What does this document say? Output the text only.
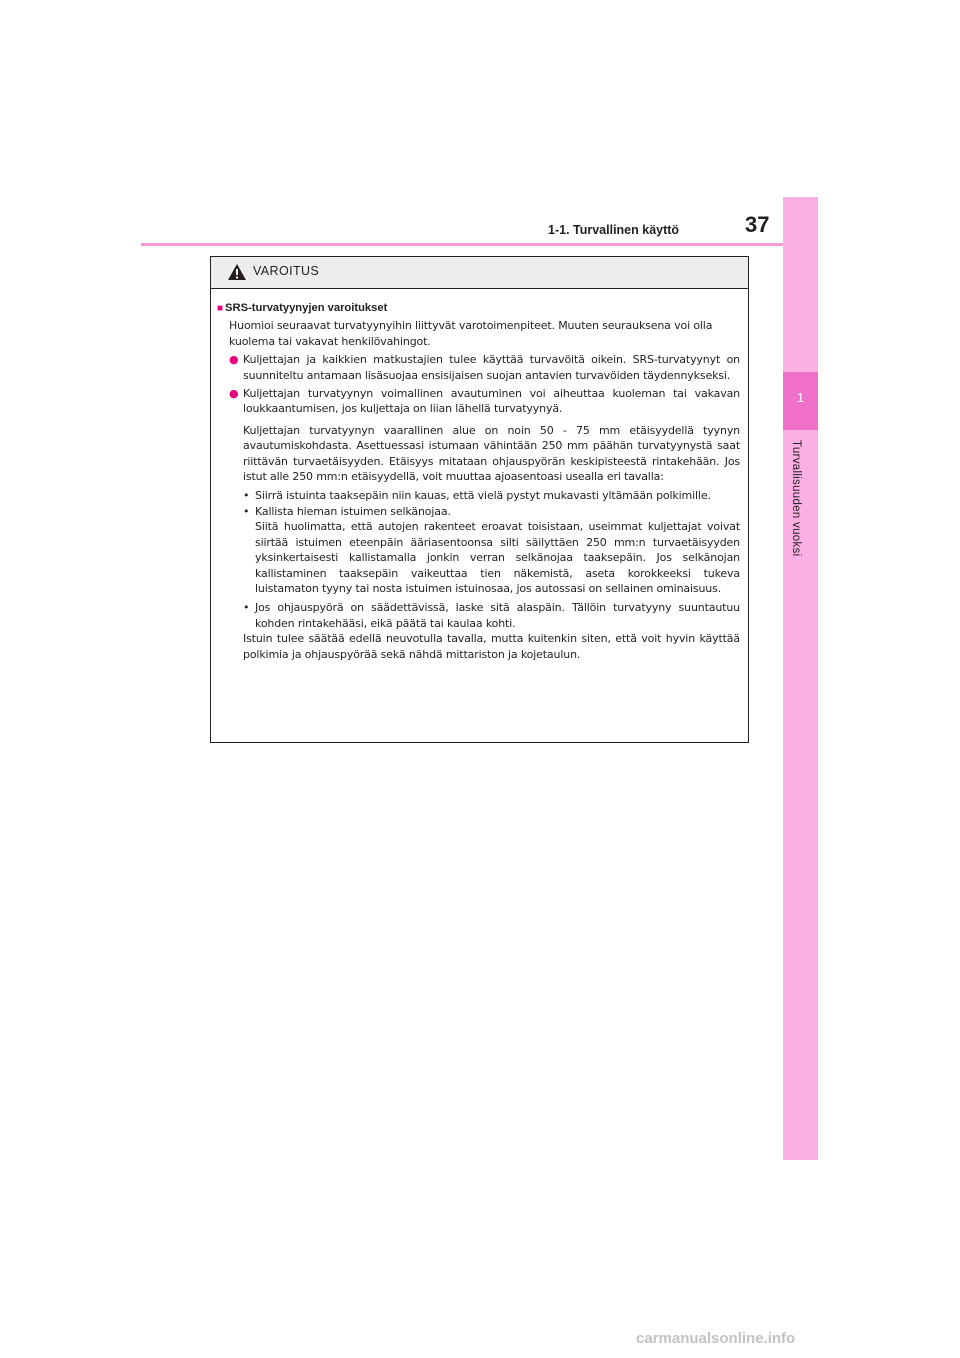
1-1. Turvallinen käyttö	37
1
Turvallisuuden vuoksi
VAROITUS
■ SRS-turvatyynyjen varoitukset
Huomioi seuraavat turvatyynyihin liittyvät varotoimenpiteet. Muuten seurauksena voi olla kuolema tai vakavat henkilövahingot.
● Kuljettajan ja kaikkien matkustajien tulee käyttää turvavöitä oikein. SRS-turvatyynyt on suunniteltu antamaan lisäsuojaa ensisijaisen suojan antavien turvavöiden täydennykseksi.
● Kuljettajan turvatyynyn voimallinen avautuminen voi aiheuttaa kuoleman tai vakavan loukkaantumisen, jos kuljettaja on liian lähellä turvatyynyä.
Kuljettajan turvatyynyn vaarallinen alue on noin 50 - 75 mm etäisyydellä tyynyn avautumiskohdasta. Asettuessasi istumaan vähintään 250 mm päähän turvatyynystä saat riittävän turvaetäisyyden. Etäisyys mitataan ohjauspyörän keskipisteestä rintakehään. Jos istut alle 250 mm:n etäisyydellä, voit muuttaa ajoasentoasi usealla eri tavalla:
• Siirrä istuinta taaksepäin niin kauas, että vielä pystyt mukavasti yltämään polkimille.
• Kallista hieman istuimen selkänojaa.
Siitä huolimatta, että autojen rakenteet eroavat toisistaan, useimmat kuljettajat voivat siirtää istuimen eteenpäin ääriasentoonsa silti säilyttäen 250 mm:n turvaetäisyyden yksinkertaisesti kallistamalla jonkin verran selkänojaa taaksepäin. Jos selkänojan kallistaminen taaksepäin vaikeuttaa tien näkemistä, aseta korokkeeksi tukeva luistamaton tyyny tai nosta istuimen istuinosaa, jos autossasi on sellainen ominaisuus.
• Jos ohjauspyörä on säädettävissä, laske sitä alaspäin. Tällöin turvatyyny suuntautuu kohden rintakehääsi, eikä päätä tai kaulaa kohti.
Istuin tulee säätää edellä neuvotulla tavalla, mutta kuitenkin siten, että voit hyvin käyttää polkimia ja ohjauspyörää sekä nähdä mittariston ja kojetaulun.
carmanualsonline.info
